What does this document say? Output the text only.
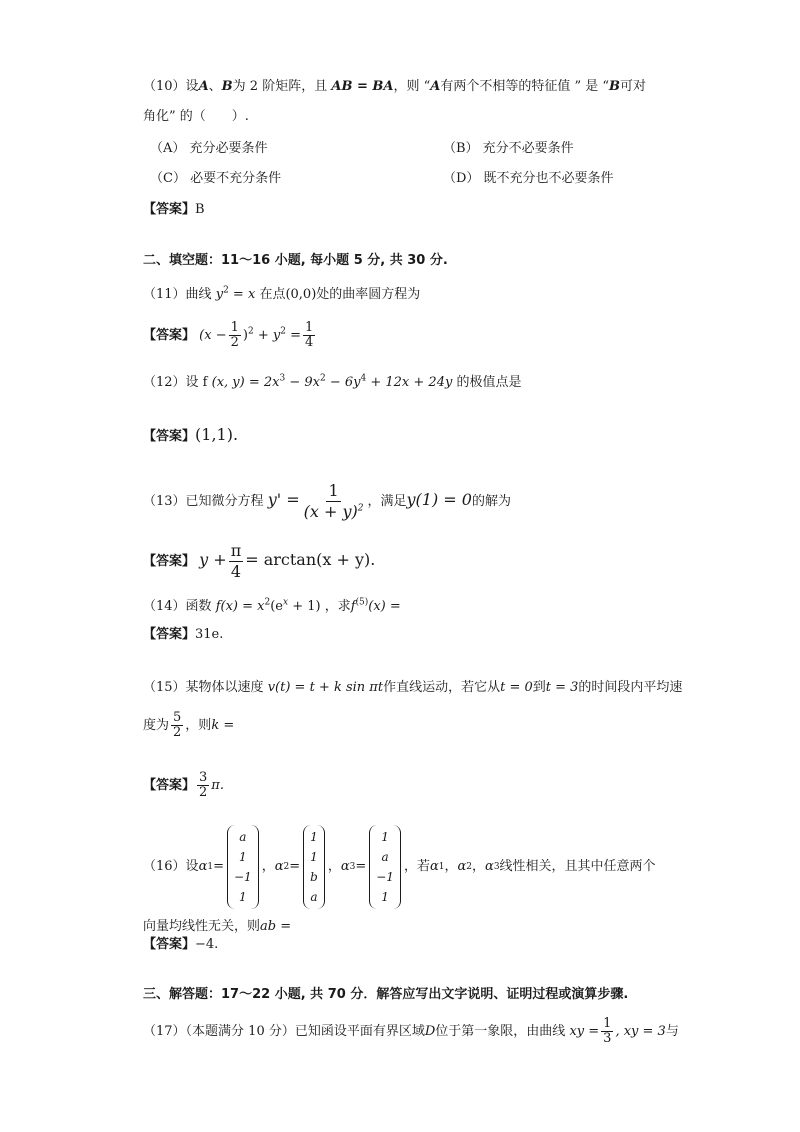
（10）设A、B为 2 阶矩阵，且 AB = BA，则 “A有两个不相等的特征值 ” 是 “B可对
角化” 的（　　）.
（A） 充分必要条件	（B） 充分不必要条件
（C） 必要不充分条件	（D） 既不充分也不必要条件
【答案】B
二、填空题：11～16 小题, 每小题 5 分, 共 30 分.
（11）曲线 $y^2 = x$ 在点(0,0)处的曲率圆方程为
【答案】 $(x - \frac{1}{2} )^2 + y^2 = \frac{1}{4}$
（12）设 f (x, $y) = 2x^3 - 9x^2 - 6y^4 + 12x + 24y$ 的极值点是
【答案】(1,1).
（13）已知微分方程 $y' = \frac{1}{(x + y)^2}$ ，满足y(1) = 0的解为
【答案】 $y + \frac{\pi}{4} = \arctan(x + y)$.
（14）函数 $f(x) = x^2(e^x + 1)$ ，求$f^{(5)}(x)$ =
【答案】31e.
（15）某物体以速度 v(t) = t + k sin πt作直线运动，若它从t = 0到t = 3的时间段内平均速
度为 $\frac{5}{2}$ ，则k =
【答案】 $\frac{3}{2} \pi$.
（16） 设 α 1 =
a
1
−1
1
， α 2 =
1
1
b
a
， α 3 =
1
a
−1
1
，若 α 1 ， α 2 ， α 3 线性相关，且其中任意两个
向量均线性无关，则ab =
【答案】−4.
三、解答题：17～22 小题, 共 70 分．解答应写出文字说明、证明过程或演算步骤.
（17）（本题满分 10 分）已知函设平面有界区域D位于第一象限，由曲线 xy = $\frac{1}{3}$ , xy = 3与
